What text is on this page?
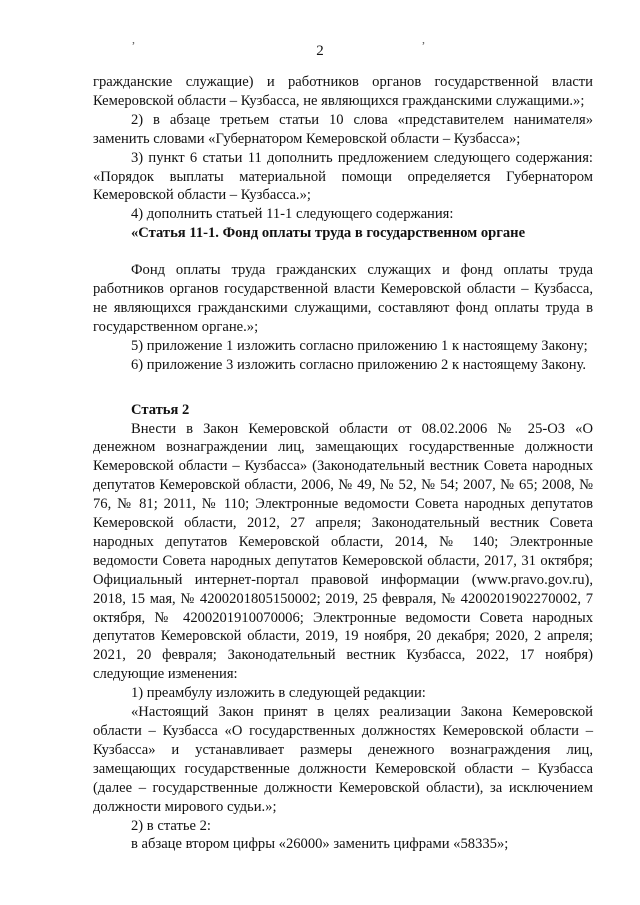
,	,
2

гражданские служащие) и работников органов государственной власти Кемеровской области – Кузбасса, не являющихся гражданскими служащими.»;

2) в абзаце третьем статьи 10 слова «представителем нанимателя» заменить словами «Губернатором Кемеровской области – Кузбасса»;

3) пункт 6 статьи 11 дополнить предложением следующего содержания: «Порядок выплаты материальной помощи определяется Губернатором Кемеровской области – Кузбасса.»;

4) дополнить статьей 11-1 следующего содержания:

«Статья 11-1. Фонд оплаты труда в государственном органе

Фонд оплаты труда гражданских служащих и фонд оплаты труда работников органов государственной власти Кемеровской области – Кузбасса, не являющихся гражданскими служащими, составляют фонд оплаты труда в государственном органе.»;

5) приложение 1 изложить согласно приложению 1 к настоящему Закону;

6) приложение 3 изложить согласно приложению 2 к настоящему Закону.

Статья 2

Внести в Закон Кемеровской области от 08.02.2006 № 25-ОЗ «О денежном вознаграждении лиц, замещающих государственные должности Кемеровской области – Кузбасса» (Законодательный вестник Совета народных депутатов Кемеровской области, 2006, № 49, № 52, № 54; 2007, № 65; 2008, № 76, № 81; 2011, № 110; Электронные ведомости Совета народных депутатов Кемеровской области, 2012, 27 апреля; Законодательный вестник Совета народных депутатов Кемеровской области, 2014, № 140; Электронные ведомости Совета народных депутатов Кемеровской области, 2017, 31 октября; Официальный интернет-портал правовой информации (www.pravo.gov.ru), 2018, 15 мая, № 4200201805150002; 2019, 25 февраля, № 4200201902270002, 7 октября, № 4200201910070006; Электронные ведомости Совета народных депутатов Кемеровской области, 2019, 19 ноября, 20 декабря; 2020, 2 апреля; 2021, 20 февраля; Законодательный вестник Кузбасса, 2022, 17 ноября) следующие изменения:

1) преамбулу изложить в следующей редакции:

«Настоящий Закон принят в целях реализации Закона Кемеровской области – Кузбасса «О государственных должностях Кемеровской области – Кузбасса» и устанавливает размеры денежного вознаграждения лиц, замещающих государственные должности Кемеровской области – Кузбасса (далее – государственные должности Кемеровской области), за исключением должности мирового судьи.»;

2) в статье 2:

в абзаце втором цифры «26000» заменить цифрами «58335»;
